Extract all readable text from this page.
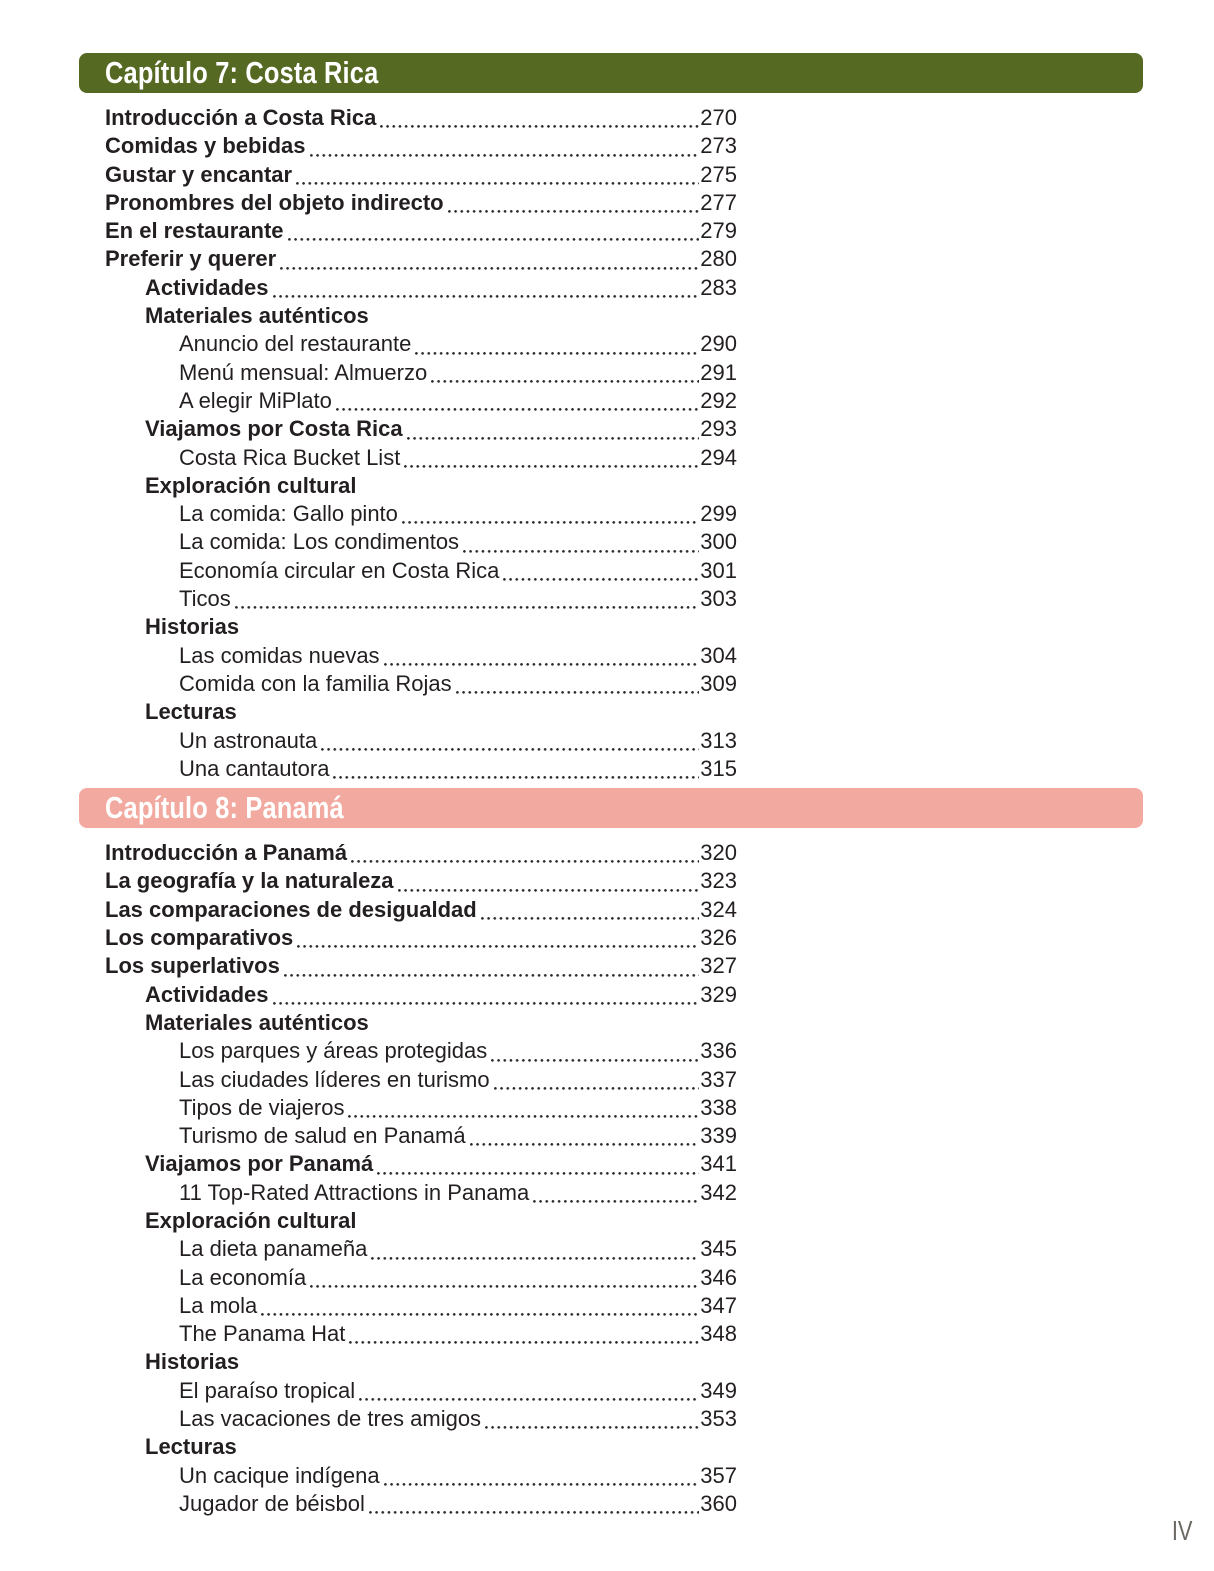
Capítulo 7: Costa Rica
Introducción a Costa Rica	270
Comidas y bebidas	273
Gustar y encantar	275
Pronombres del objeto indirecto	277
En el restaurante	279
Preferir y querer	280
Actividades	283
Materiales auténticos
Anuncio del restaurante	290
Menú mensual: Almuerzo	291
A elegir MiPlato	292
Viajamos por Costa Rica	293
Costa Rica Bucket List	294
Exploración cultural
La comida: Gallo pinto	299
La comida: Los condimentos	300
Economía circular en Costa Rica	301
Ticos	303
Historias
Las comidas nuevas	304
Comida con la familia Rojas	309
Lecturas
Un astronauta	313
Una cantautora	315
Capítulo 8: Panamá
Introducción a Panamá	320
La geografía y la naturaleza	323
Las comparaciones de desigualdad	324
Los comparativos	326
Los superlativos	327
Actividades	329
Materiales auténticos
Los parques y áreas protegidas	336
Las ciudades líderes en turismo	337
Tipos de viajeros	338
Turismo de salud en Panamá	339
Viajamos por Panamá	341
11 Top-Rated Attractions in Panama	342
Exploración cultural
La dieta panameña	345
La economía	346
La mola	347
The Panama Hat	348
Historias
El paraíso tropical	349
Las vacaciones de tres amigos	353
Lecturas
Un cacique indígena	357
Jugador de béisbol	360
IV
